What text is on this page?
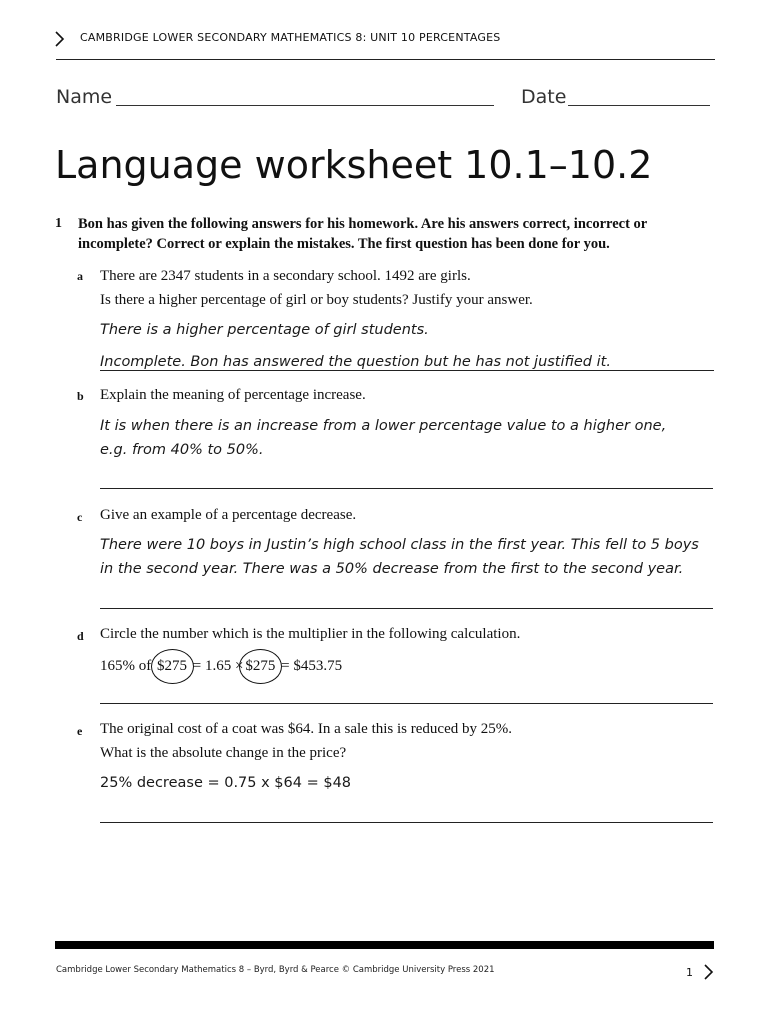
CAMBRIDGE LOWER SECONDARY MATHEMATICS 8: UNIT 10 PERCENTAGES
Name	Date
Language worksheet 10.1–10.2
1 Bon has given the following answers for his homework. Are his answers correct, incorrect or incomplete? Correct or explain the mistakes. The first question has been done for you.
a There are 2347 students in a secondary school. 1492 are girls.
Is there a higher percentage of girl or boy students? Justify your answer.
There is a higher percentage of girl students.
Incomplete. Bon has answered the question but he has not justified it.
b Explain the meaning of percentage increase.
It is when there is an increase from a lower percentage value to a higher one,
e.g. from 40% to 50%.
c Give an example of a percentage decrease.
There were 10 boys in Justin’s high school class in the first year. This fell to 5 boys
in the second year. There was a 50% decrease from the first to the second year.
d Circle the number which is the multiplier in the following calculation.
165% of $275 = 1.65 × $275 = $453.75
e The original cost of a coat was $64. In a sale this is reduced by 25%.
What is the absolute change in the price?
25% decrease = 0.75 x $64 = $48
Cambridge Lower Secondary Mathematics 8 – Byrd, Byrd & Pearce © Cambridge University Press 2021	1
